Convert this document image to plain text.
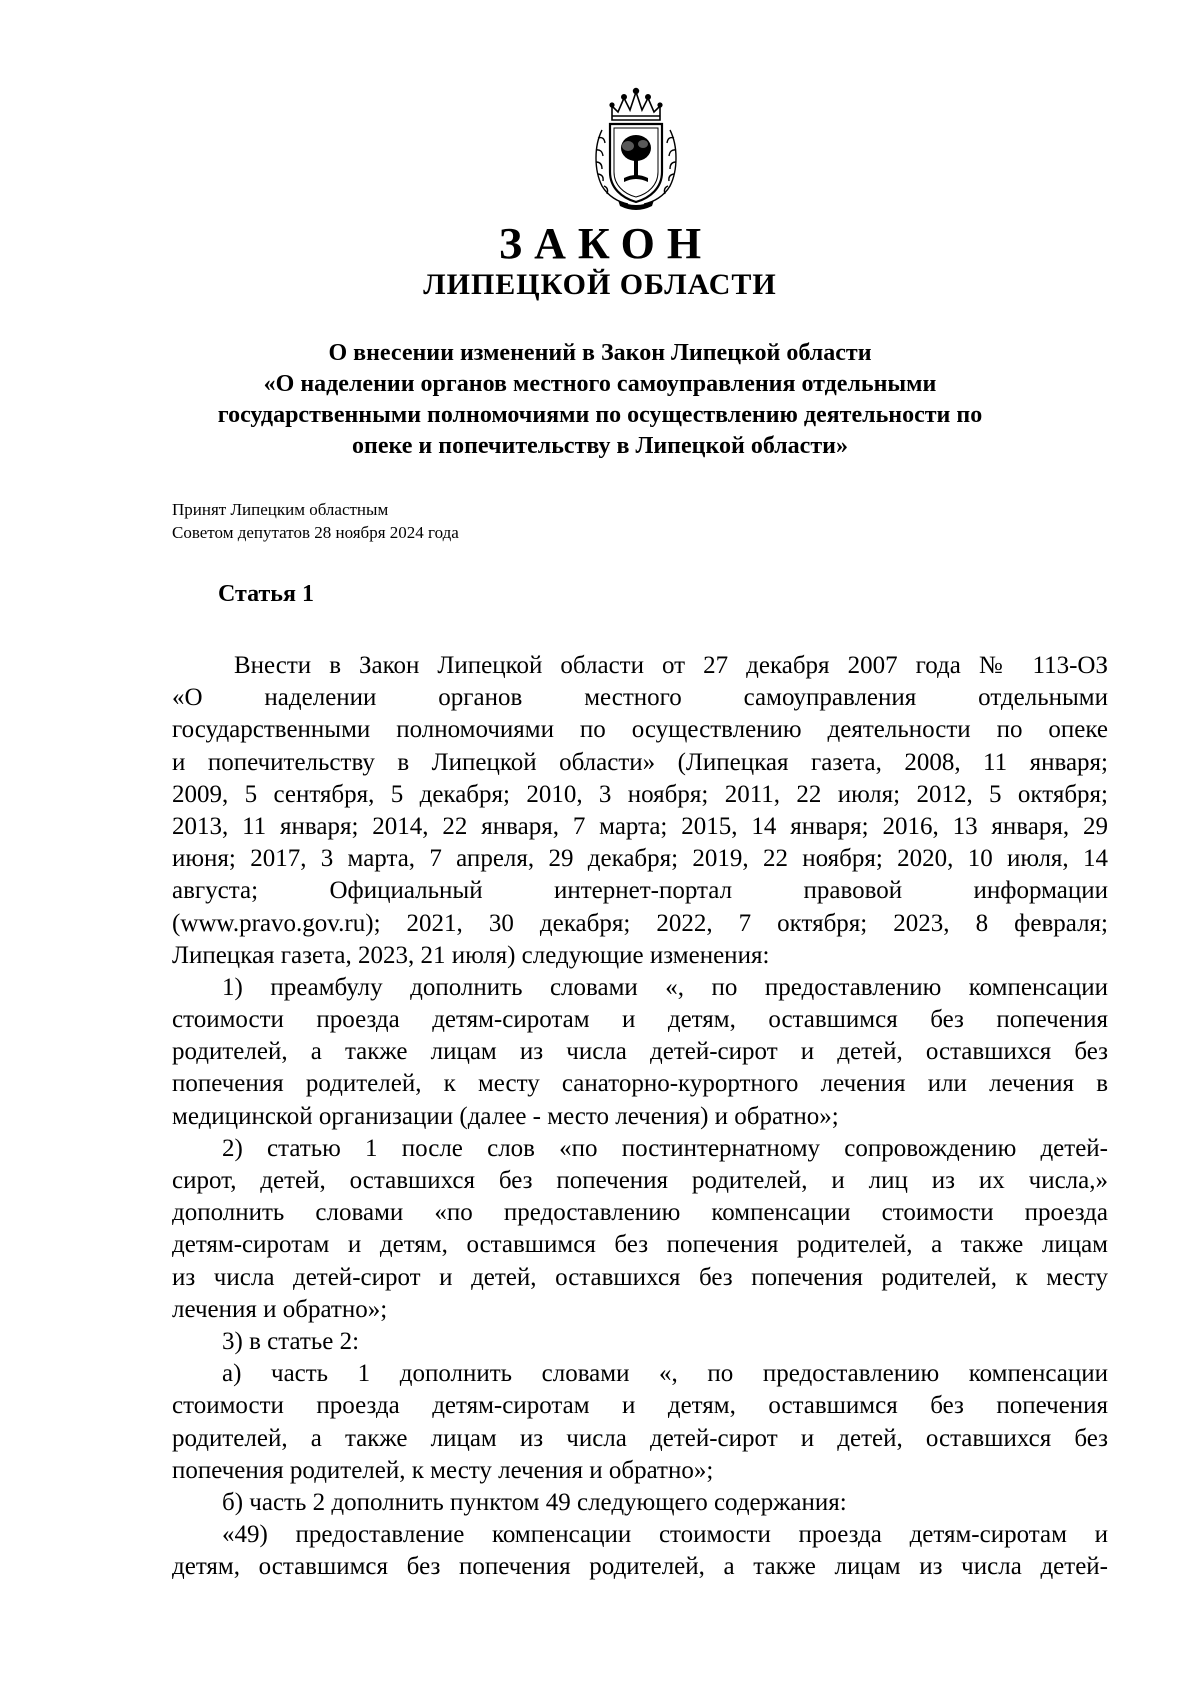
ЗАКОН
ЛИПЕЦКОЙ ОБЛАСТИ
О внесении изменений в Закон Липецкой области
«О наделении органов местного самоуправления отдельными
государственными полномочиями по осуществлению деятельности по
опеке и попечительству в Липецкой области»
Принят Липецким областным
Советом депутатов 28 ноября 2024 года
Статья 1
Внести в Закон Липецкой области от 27 декабря 2007 года № 113-ОЗ
«О наделении органов местного самоуправления отдельными
государственными полномочиями по осуществлению деятельности по опеке
и попечительству в Липецкой области» (Липецкая газета, 2008, 11 января;
2009, 5 сентября, 5 декабря; 2010, 3 ноября; 2011, 22 июля; 2012, 5 октября;
2013, 11 января; 2014, 22 января, 7 марта; 2015, 14 января; 2016, 13 января, 29
июня; 2017, 3 марта, 7 апреля, 29 декабря; 2019, 22 ноября; 2020, 10 июля, 14
августа; Официальный интернет-портал правовой информации
(www.pravo.gov.ru); 2021, 30 декабря; 2022, 7 октября; 2023, 8 февраля;
Липецкая газета, 2023, 21 июля) следующие изменения:
1) преамбулу дополнить словами «, по предоставлению компенсации
стоимости проезда детям-сиротам и детям, оставшимся без попечения
родителей, а также лицам из числа детей-сирот и детей, оставшихся без
попечения родителей, к месту санаторно-курортного лечения или лечения в
медицинской организации (далее - место лечения) и обратно»;
2) статью 1 после слов «по постинтернатному сопровождению детей-
сирот, детей, оставшихся без попечения родителей, и лиц из их числа,»
дополнить словами «по предоставлению компенсации стоимости проезда
детям-сиротам и детям, оставшимся без попечения родителей, а также лицам
из числа детей-сирот и детей, оставшихся без попечения родителей, к месту
лечения и обратно»;
3) в статье 2:
а) часть 1 дополнить словами «, по предоставлению компенсации
стоимости проезда детям-сиротам и детям, оставшимся без попечения
родителей, а также лицам из числа детей-сирот и детей, оставшихся без
попечения родителей, к месту лечения и обратно»;
б) часть 2 дополнить пунктом 49 следующего содержания:
«49) предоставление компенсации стоимости проезда детям-сиротам и
детям, оставшимся без попечения родителей, а также лицам из числа детей-
